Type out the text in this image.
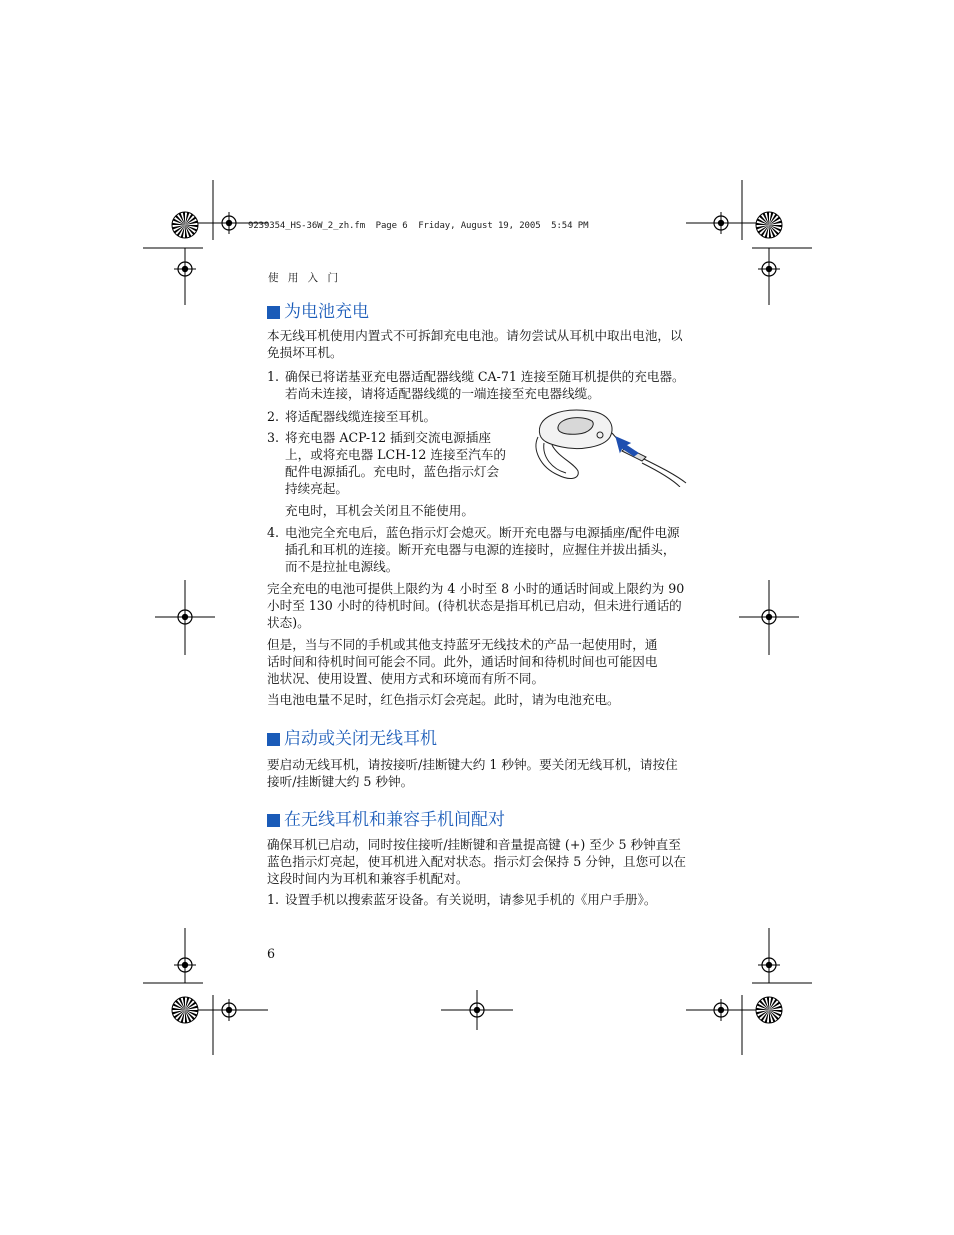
9239354_HS-36W_2_zh.fm  Page 6  Friday, August 19, 2005  5:54 PM
使 用 入 门
为电池充电

本无线耳机使用内置式不可拆卸充电电池。请勿尝试从耳机中取出电池，以免损坏耳机。

1. 确保已将诺基亚充电器适配器线缆 CA-71 连接至随耳机提供的充电器。若尚未连接，请将适配器线缆的一端连接至充电器线缆。
2. 将适配器线缆连接至耳机。
3. 将充电器 ACP-12 插到交流电源插座上，或将充电器 LCH-12 连接至汽车的配件电源插孔。充电时，蓝色指示灯会持续亮起。
充电时，耳机会关闭且不能使用。
4. 电池完全充电后，蓝色指示灯会熄灭。断开充电器与电源插座/配件电源插孔和耳机的连接。断开充电器与电源的连接时，应握住并拔出插头，而不是拉扯电源线。

完全充电的电池可提供上限约为 4 小时至 8 小时的通话时间或上限约为 90 小时至 130 小时的待机时间。(待机状态是指耳机已启动，但未进行通话的状态)。

但是，当与不同的手机或其他支持蓝牙无线技术的产品一起使用时，通话时间和待机时间可能会不同。此外，通话时间和待机时间也可能因电池状况、使用设置、使用方式和环境而有所不同。

当电池电量不足时，红色指示灯会亮起。此时，请为电池充电。

启动或关闭无线耳机

要启动无线耳机，请按接听/挂断键大约 1 秒钟。要关闭无线耳机，请按住接听/挂断键大约 5 秒钟。

在无线耳机和兼容手机间配对

确保耳机已启动，同时按住接听/挂断键和音量提高键 (+) 至少 5 秒钟直至蓝色指示灯亮起，使耳机进入配对状态。指示灯会保持 5 分钟，且您可以在这段时间内为耳机和兼容手机配对。

1. 设置手机以搜索蓝牙设备。有关说明，请参见手机的《用户手册》。
6
